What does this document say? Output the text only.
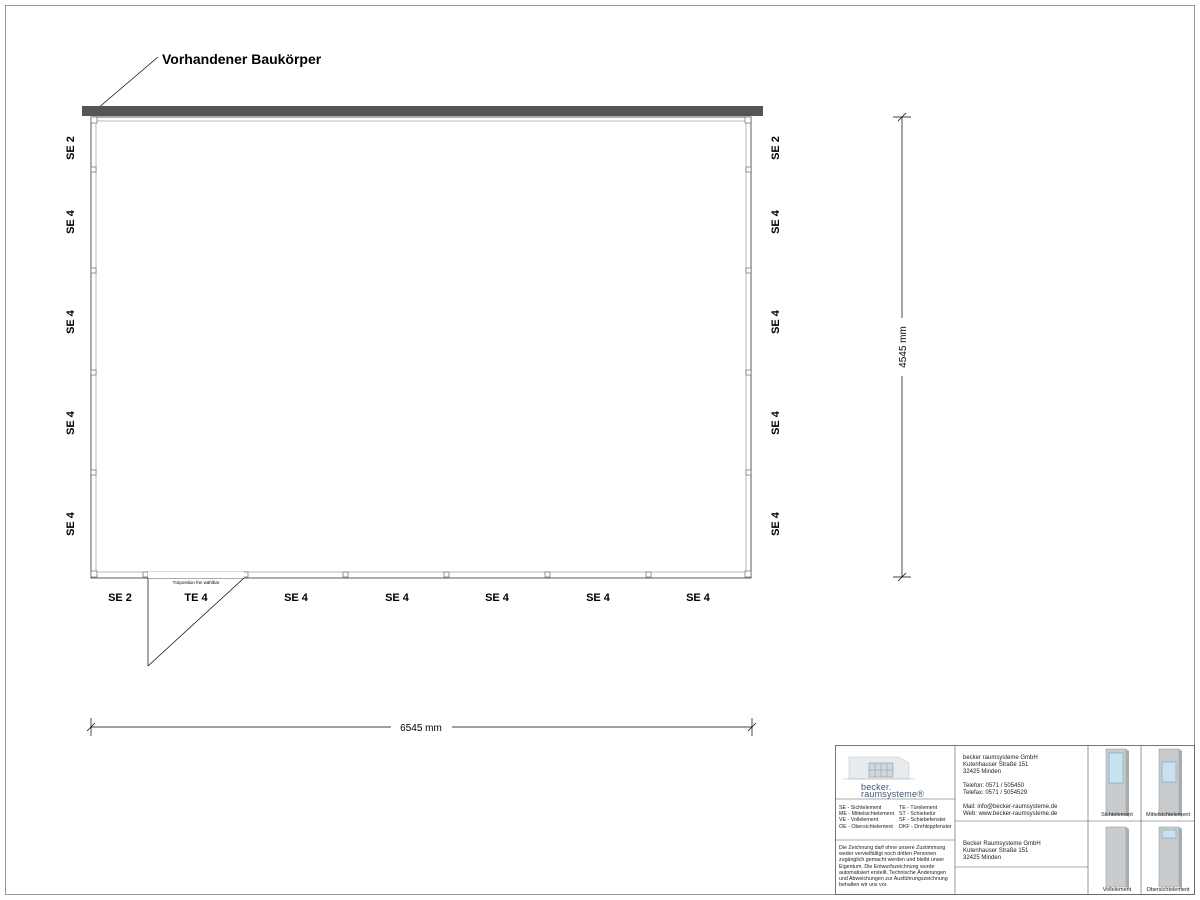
Vorhandener Baukörper
Türposition frei wählbar
SE 2
SE 4
SE 4
SE 4
SE 4
SE 2
SE 4
SE 4
SE 4
SE 4
SE 2	TE 4	SE 4	SE 4	SE 4	SE 4	SE 4
6545 mm
4545 mm
becker. raumsysteme®
SE - Sichtelement
ME - Mittelsichtelement
VE - Vollelement
OE - Obersichtelement
TE - Türelement
ST - Schiebetür
SF - Schiebefenster
DKF - Drehkippfenster
Die Zeichnung darf ohne unsere Zustimmung
weder vervielfältigt noch dritten Personen
zugänglich gemacht werden und bleibt unser
Eigentum. Die Entwurfszeichnung wurde
automatisiert erstellt. Technische Änderungen
und Abweichungen zur Ausführungszeichnung
behalten wir uns vor.
becker raumsysteme GmbH
Kutenhauser Straße 151
32425 Minden
Telefon: 0571 / 505450
Telefax: 0571 / 5054529
Mail: info@becker-raumsysteme.de
Web: www.becker-raumsysteme.de
Becker Raumsysteme GmbH
Kutenhauser Straße 151
32425 Minden
Sichtelement	Mittelsichtelement
Vollelement	Obersichtelement
